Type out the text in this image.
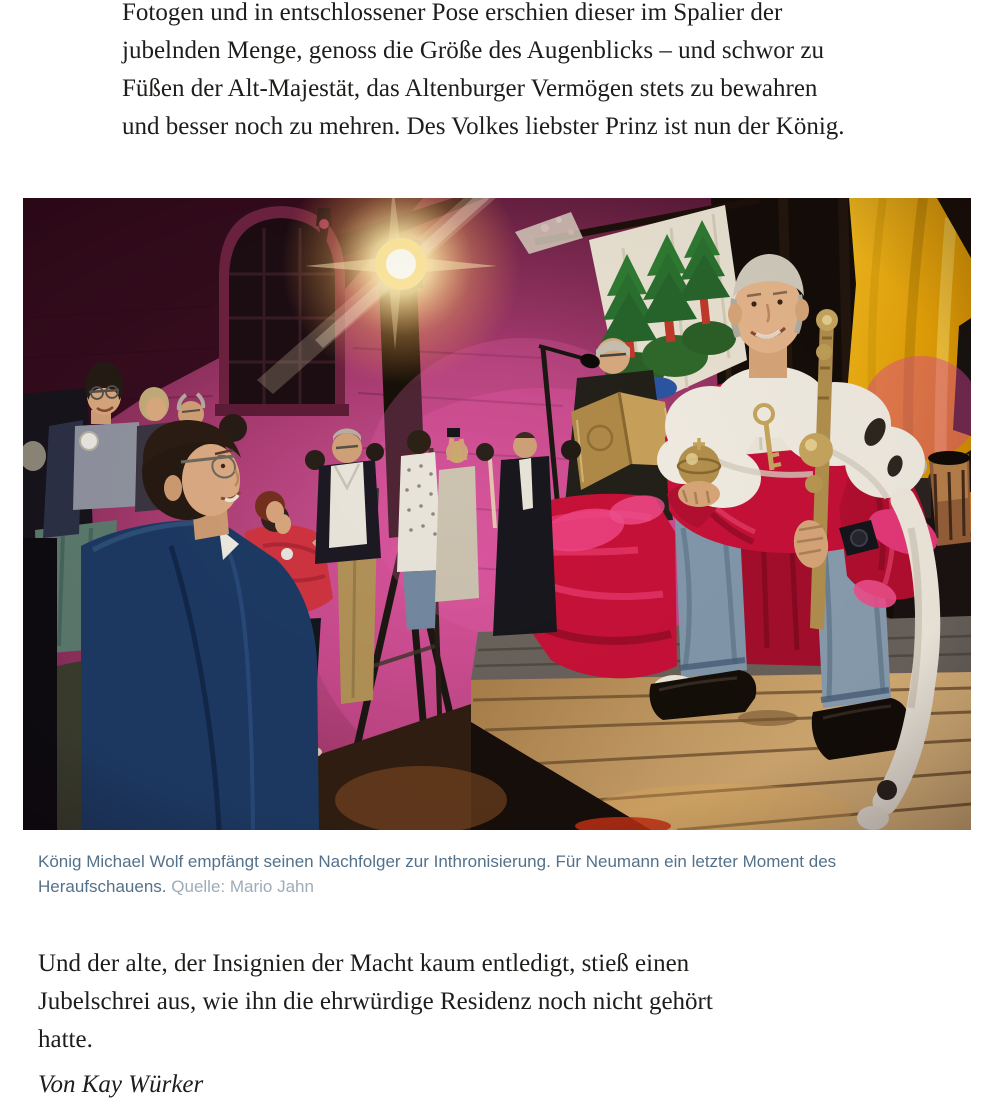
Fotogen und in entschlossener Pose erschien dieser im Spalier der jubelnden Menge, genoss die Größe des Augenblicks – und schwor zu Füßen der Alt-Majestät, das Altenburger Vermögen stets zu bewahren und besser noch zu mehren. Des Volkes liebster Prinz ist nun der König.

König Michael Wolf empfängt seinen Nachfolger zur Inthronisierung. Für Neumann ein letzter Moment des Heraufschauens. Quelle: Mario Jahn

Und der alte, der Insignien der Macht kaum entledigt, stieß einen Jubelschrei aus, wie ihn die ehrwürdige Residenz noch nicht gehört hatte.

Von Kay Würker
